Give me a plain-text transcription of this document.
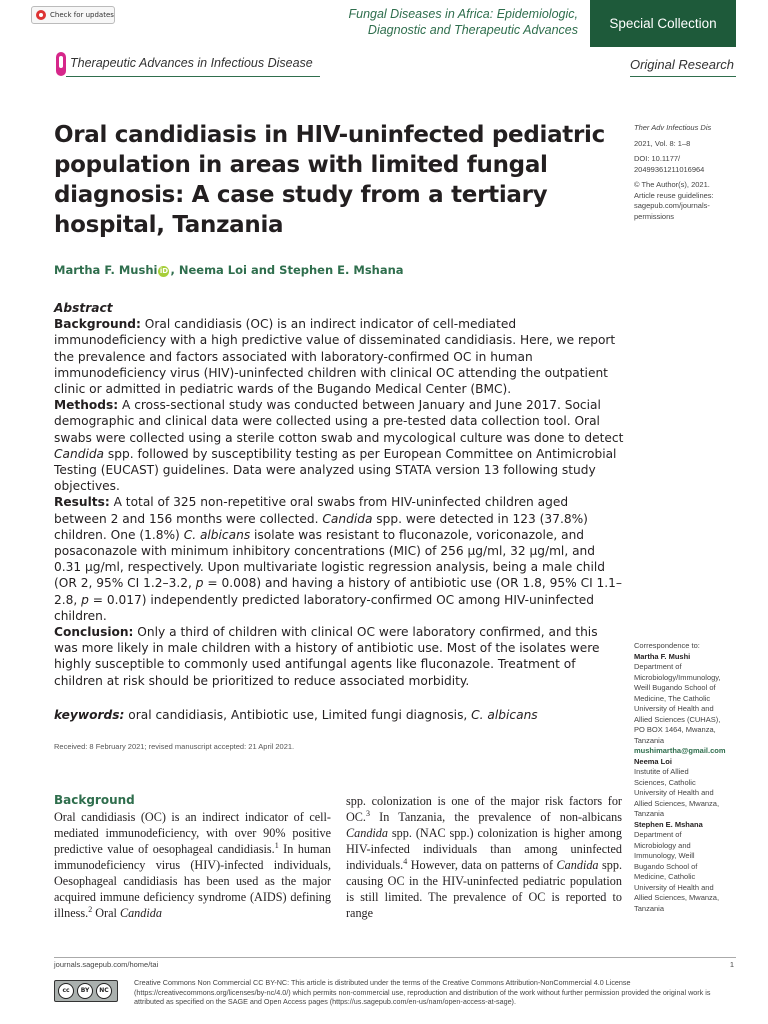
Check for updates	Fungal Diseases in Africa: Epidemiologic,
Diagnostic and Therapeutic Advances Special Collection
Therapeutic Advances in Infectious Disease	Original Research
Oral candidiasis in HIV-uninfected pediatric population in areas with limited fungal diagnosis: A case study from a tertiary hospital, Tanzania
Martha F. Mushi iD , Neema Loi and Stephen E. Mshana
Ther Adv Infectious Dis
2021, Vol. 8: 1–8
DOI: 10.1177/
20499361211016964
© The Author(s), 2021.
Article reuse guidelines:
sagepub.com/journals-
permissions
Correspondence to:
Martha F. Mushi
Department of
Microbiology/Immunology,
Weill Bugando School of
Medicine, The Catholic
University of Health and
Allied Sciences (CUHAS),
PO BOX 1464, Mwanza,
Tanzania
mushimartha@gmail.com
Neema Loi
Instutite of Allied
Sciences, Catholic
University of Health and
Allied Sciences, Mwanza,
Tanzania
Stephen E. Mshana
Department of
Microbiology and
Immunology, Weill
Bugando School of
Medicine, Catholic
University of Health and
Allied Sciences, Mwanza,
Tanzania

Abstract

Background: Oral candidiasis (OC) is an indirect indicator of cell-mediated immunodeficiency with a high predictive value of disseminated candidiasis. Here, we report the prevalence and factors associated with laboratory-confirmed OC in human immunodeficiency virus (HIV)-uninfected children with clinical OC attending the outpatient clinic or admitted in pediatric wards of the Bugando Medical Center (BMC).

Methods: A cross-sectional study was conducted between January and June 2017. Social demographic and clinical data were collected using a pre-tested data collection tool. Oral swabs were collected using a sterile cotton swab and mycological culture was done to detect Candida spp. followed by susceptibility testing as per European Committee on Antimicrobial Testing (EUCAST) guidelines. Data were analyzed using STATA version 13 following study objectives.

Results: A total of 325 non-repetitive oral swabs from HIV-uninfected children aged between 2 and 156 months were collected. Candida spp. were detected in 123 (37.8%) children. One (1.8%) C. albicans isolate was resistant to fluconazole, voriconazole, and posaconazole with minimum inhibitory concentrations (MIC) of 256 μg/ml, 32 μg/ml, and 0.31 μg/ml, respectively. Upon multivariate logistic regression analysis, being a male child (OR 2, 95% CI 1.2–3.2, p = 0.008) and having a history of antibiotic use (OR 1.8, 95% CI 1.1–2.8, p = 0.017) independently predicted laboratory-confirmed OC among HIV-uninfected children.

Conclusion: Only a third of children with clinical OC were laboratory confirmed, and this was more likely in male children with a history of antibiotic use. Most of the isolates were highly susceptible to commonly used antifungal agents like fluconazole. Treatment of children at risk should be prioritized to reduce associated morbidity.

keywords: oral candidiasis, Antibiotic use, Limited fungi diagnosis, C. albicans
Received: 8 February 2021; revised manuscript accepted: 21 April 2021.
Background
Oral candidiasis (OC) is an indirect indicator of cell-mediated immunodeficiency, with over 90% positive predictive value of oesophageal candidiasis.$^1$ In human immunodeficiency virus (HIV)-infected individuals, Oesophageal candidiasis has been used as the major acquired immune deficiency syndrome (AIDS) defining illness.$^2$ Oral Candida
spp. colonization is one of the major risk factors for OC.$^3$ In Tanzania, the prevalence of non-albicans Candida spp. (NAC spp.) colonization is higher among HIV-infected individuals than among uninfected individuals.$^4$ However, data on patterns of Candida spp. causing OC in the HIV-uninfected pediatric population is still limited. The prevalence of OC is reported to range
journals.sagepub.com/home/tai	1
cc	BY	NC
Creative Commons Non Commercial CC BY-NC: This article is distributed under the terms of the Creative Commons Attribution-NonCommercial 4.0 License (https://creativecommons.org/licenses/by-nc/4.0/) which permits non-commercial use, reproduction and distribution of the work without further permission provided the original work is attributed as specified on the SAGE and Open Access pages (https://us.sagepub.com/en-us/nam/open-access-at-sage).
